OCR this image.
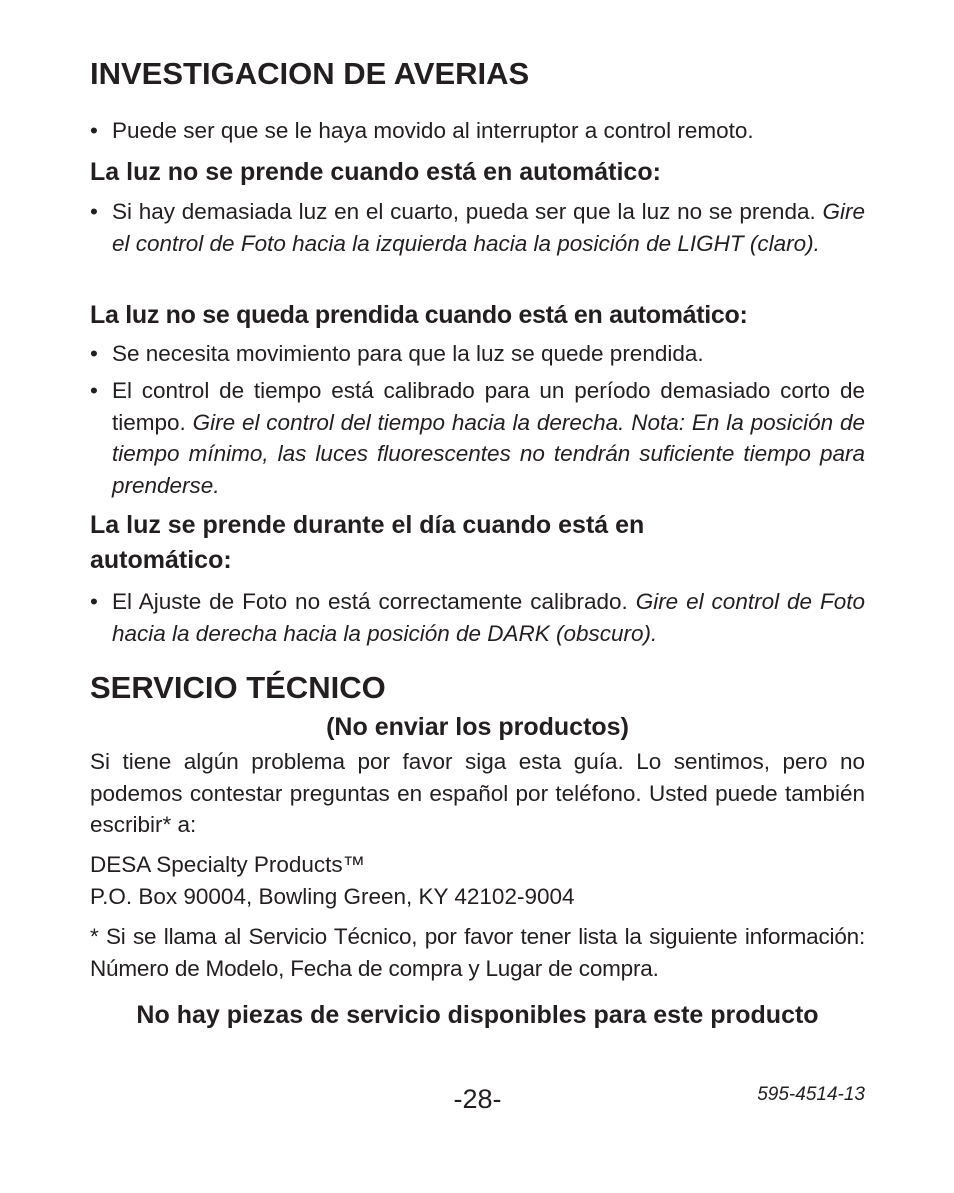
INVESTIGACION DE AVERIAS
• Puede ser que se le haya movido al interruptor a control remoto.
La luz no se prende cuando está en automático:
• Si hay demasiada luz en el cuarto, pueda ser que la luz no se prenda. Gire el control de Foto hacia la izquierda hacia la posición de LIGHT (claro).
La luz no se queda prendida cuando está en automático:
• Se necesita movimiento para que la luz se quede prendida.
• El control de tiempo está calibrado para un período demasiado corto de tiempo. Gire el control del tiempo hacia la derecha. Nota: En la posición de tiempo mínimo, las luces fluorescentes no tendrán suficiente tiempo para prenderse.
La luz se prende durante el día cuando está en automático:
• El Ajuste de Foto no está correctamente calibrado. Gire el control de Foto hacia la derecha hacia la posición de DARK (obscuro).
SERVICIO TÉCNICO
(No enviar los productos)

Si tiene algún problema por favor siga esta guía. Lo sentimos, pero no podemos contestar preguntas en español por teléfono. Usted puede también escribir* a:

DESA Specialty Products™

P.O. Box 90004, Bowling Green, KY 42102-9004

* Si se llama al Servicio Técnico, por favor tener lista la siguiente información: Número de Modelo, Fecha de compra y Lugar de compra.

No hay piezas de servicio disponibles para este producto
-28-	595-4514-13
